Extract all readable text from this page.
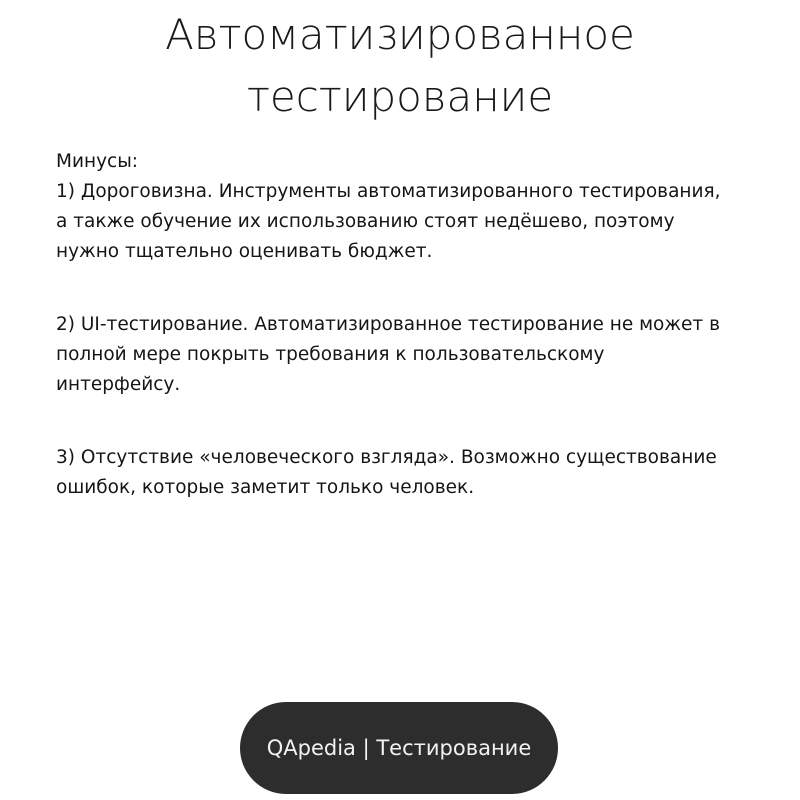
Автоматизированное
тестирование

Минусы:

1) Дороговизна. Инструменты автоматизированного тестирования,

а также обучение их использованию стоят недёшево, поэтому

нужно тщательно оценивать бюджет.

2) UI-тестирование. Автоматизированное тестирование не может в

полной мере покрыть требования к пользовательскому

интерфейсу.

3) Отсутствие «человеческого взгляда». Возможно существование

ошибок, которые заметит только человек.

QApedia | Тестирование
